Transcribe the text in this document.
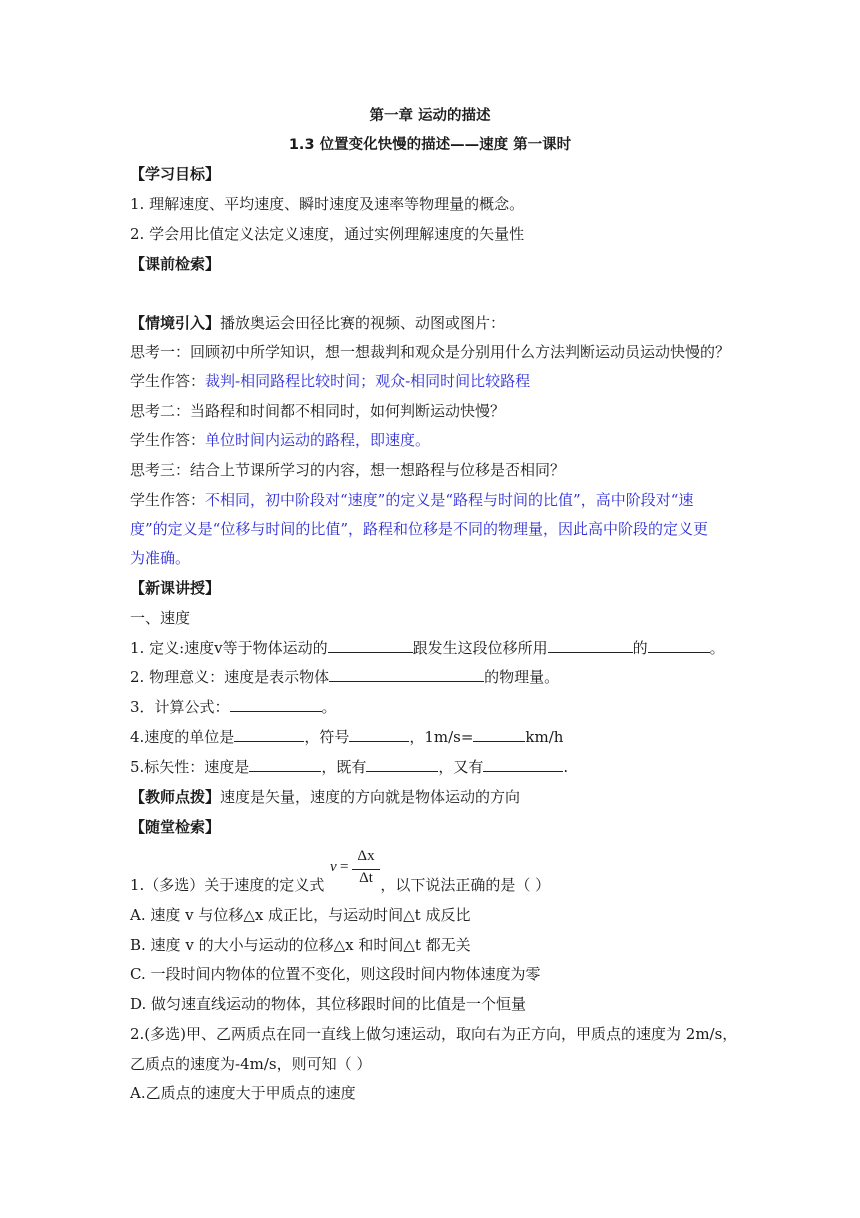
第一章 运动的描述
1.3 位置变化快慢的描述——速度 第一课时
【学习目标】
1. 理解速度、平均速度、瞬时速度及速率等物理量的概念。
2. 学会用比值定义法定义速度，通过实例理解速度的矢量性
【课前检索】
【情境引入】播放奥运会田径比赛的视频、动图或图片：
思考一：回顾初中所学知识，想一想裁判和观众是分别用什么方法判断运动员运动快慢的？
学生作答：裁判-相同路程比较时间；观众-相同时间比较路程
思考二：当路程和时间都不相同时，如何判断运动快慢？
学生作答：单位时间内运动的路程，即速度。
思考三：结合上节课所学习的内容，想一想路程与位移是否相同？
学生作答：不相同，初中阶段对“速度”的定义是“路程与时间的比值”，高中阶段对“速
度”的定义是“位移与时间的比值”，路程和位移是不同的物理量，因此高中阶段的定义更
为准确。
【新课讲授】
一、速度
1. 定义:速度v等于物体运动的	跟发生这段位移所用	的	。
2. 物理意义：速度是表示物体	的物理量。
3．计算公式：	。
4.速度的单位是	，符号	，1m/s=	km/h
5.标矢性：速度是	，既有	，又有	.
【教师点拨】速度是矢量，速度的方向就是物体运动的方向
【随堂检索】
v =
Δx
Δt
1.（多选）关于速度的定义式	，以下说法正确的是（ ）
A. 速度 v 与位移△x 成正比，与运动时间△t 成反比
B. 速度 v 的大小与运动的位移△x 和时间△t 都无关
C. 一段时间内物体的位置不变化，则这段时间内物体速度为零
D. 做匀速直线运动的物体，其位移跟时间的比值是一个恒量
2.(多选)甲、乙两质点在同一直线上做匀速运动，取向右为正方向，甲质点的速度为 2m/s，
乙质点的速度为-4m/s，则可知（ ）
A.乙质点的速度大于甲质点的速度
